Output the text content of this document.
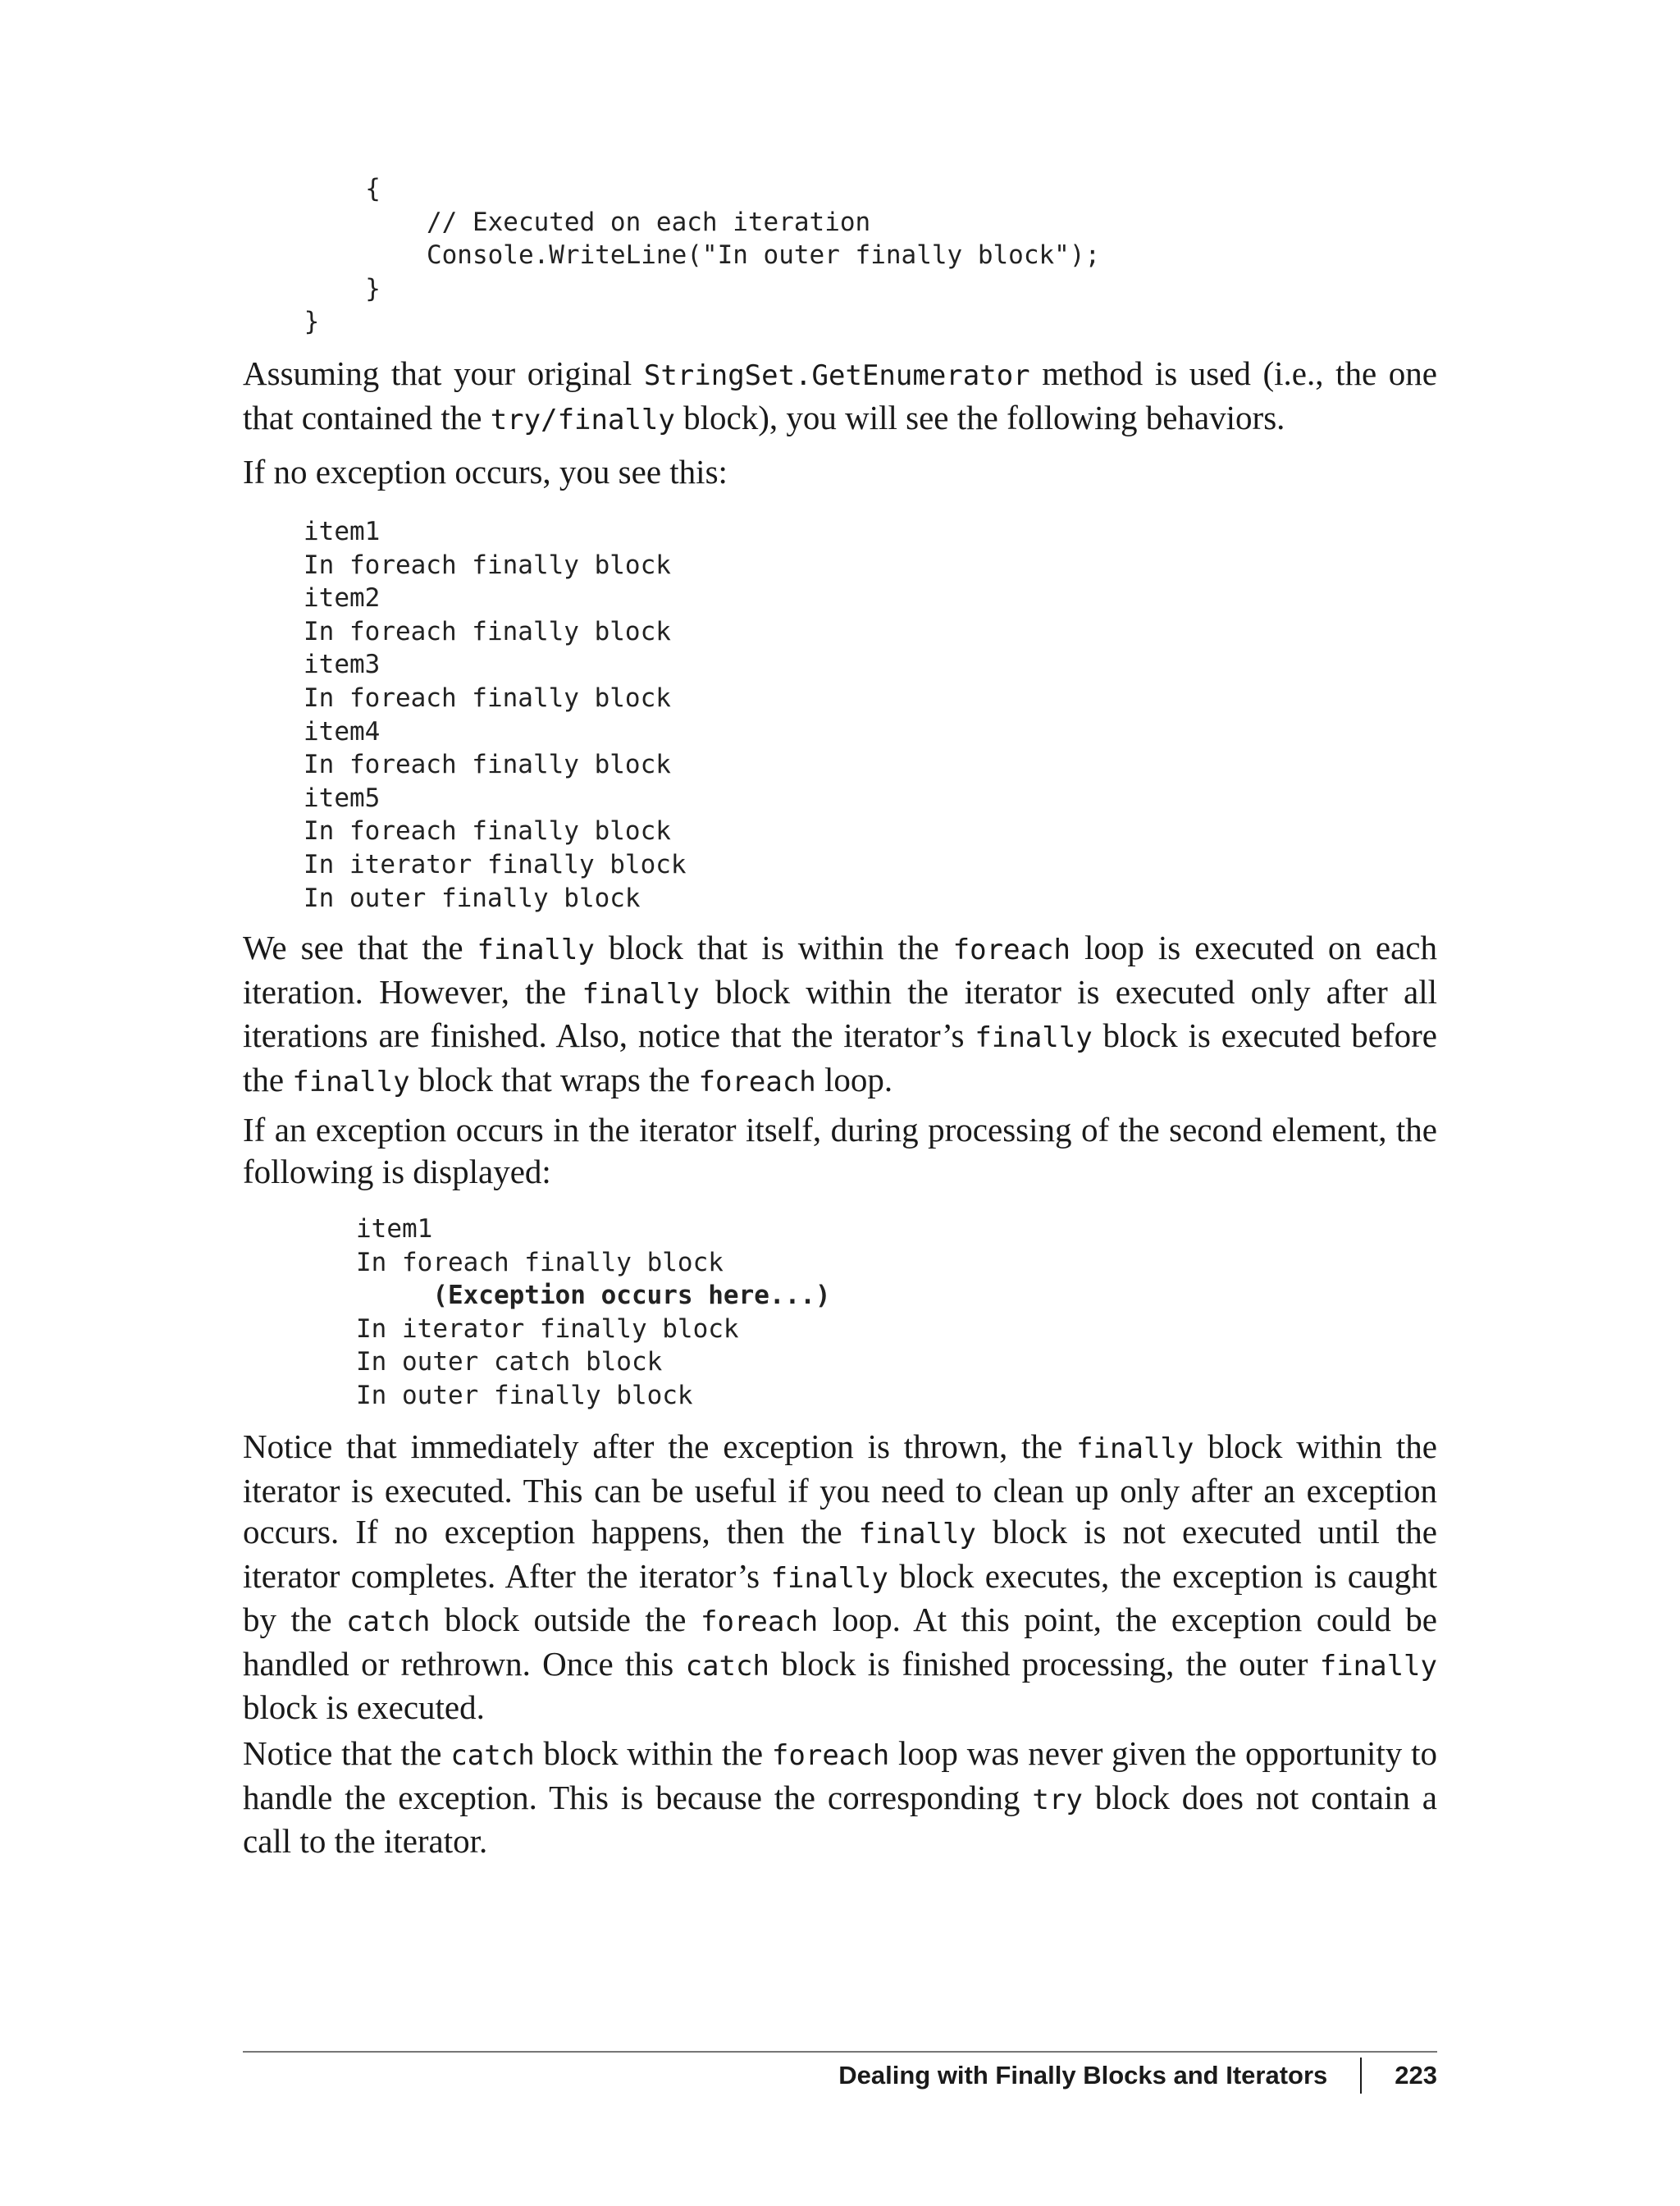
{
// Executed on each iteration
Console.WriteLine("In outer finally block");
}
}

Assuming that your original StringSet.GetEnumerator method is used (i.e., the one that contained the try/finally block), you will see the following behaviors.

If no exception occurs, you see this:

item1
In foreach finally block
item2
In foreach finally block
item3
In foreach finally block
item4
In foreach finally block
item5
In foreach finally block
In iterator finally block
In outer finally block

We see that the finally block that is within the foreach loop is executed on each iteration. However, the finally block within the iterator is executed only after all iterations are finished. Also, notice that the iterator’s finally block is executed before the finally block that wraps the foreach loop.

If an exception occurs in the iterator itself, during processing of the second element, the following is displayed:

item1
In foreach finally block
(Exception occurs here...)
In iterator finally block
In outer catch block
In outer finally block

Notice that immediately after the exception is thrown, the finally block within the iterator is executed. This can be useful if you need to clean up only after an exception occurs. If no exception happens, then the finally block is not executed until the iterator completes. After the iterator’s finally block executes, the exception is caught by the catch block outside the foreach loop. At this point, the exception could be handled or rethrown. Once this catch block is finished processing, the outer finally block is executed.

Notice that the catch block within the foreach loop was never given the opportunity to handle the exception. This is because the corresponding try block does not contain a call to the iterator.

Dealing with Finally Blocks and Iterators	223
